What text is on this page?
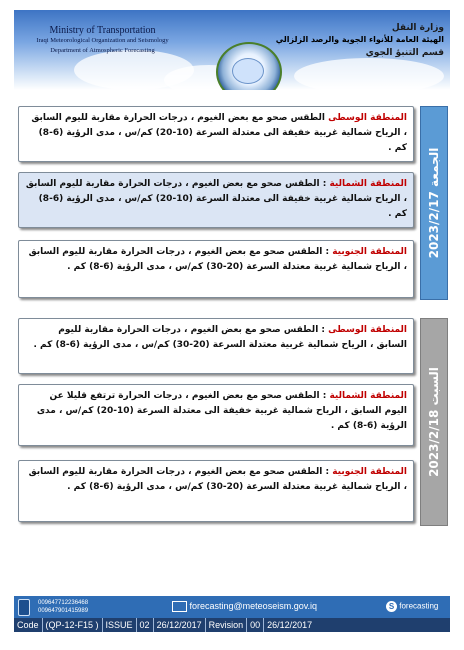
Ministry of Transportation
Iraqi Meteorological Organization and Seismology
Department of Atmospheric Forecasting
وزارة النقل
الهيئة العامة للأنواء الجوية والرصد الزلزالي
قسم التنبؤ الجوي
الجمعة 2023/2/17
السبت 2023/2/18
المنطقة الوسطى الطقس صحو مع بعض الغيوم ، درجات الحرارة مقاربة لليوم السابق ، الرياح شمالية غربية خفيفة الى معتدلة السرعة (10-20) كم/س ، مدى الرؤية (6-8) كم .
المنطقة الشمالية : الطقس صحو مع بعض الغيوم ، درجات الحرارة مقاربة لليوم السابق ، الرياح شمالية غربية خفيفة الى معتدلة السرعة (10-20) كم/س ، مدى الرؤية (6-8) كم .
المنطقة الجنوبية : الطقس صحو مع بعض الغيوم ، درجات الحرارة مقاربة لليوم السابق ، الرياح شمالية غربية معتدلة السرعة (20-30) كم/س ، مدى الرؤية (6-8) كم .
المنطقة الوسطى : الطقس صحو مع بعض الغيوم ، درجات الحرارة مقاربة لليوم السابق ، الرياح شمالية غربية معتدلة السرعة (20-30) كم/س ، مدى الرؤية (6-8) كم .
المنطقة الشمالية : الطقس صحو مع بعض الغيوم ، درجات الحرارة ترتفع قليلا عن اليوم السابق ، الرياح شمالية غربية خفيفة الى معتدلة السرعة (10-20) كم/س ، مدى الرؤية (6-8) كم .
المنطقة الجنوبية : الطقس صحو مع بعض الغيوم ، درجات الحرارة مقاربة لليوم السابق ، الرياح شمالية غربية معتدلة السرعة (20-30) كم/س ، مدى الرؤية (6-8) كم .
009647712236468
009647901415989	forecasting@meteoseism.gov.iq	S forecasting
Code (QP-12-F15 ) ISSUE 02 26/12/2017 Revision 00 26/12/2017
